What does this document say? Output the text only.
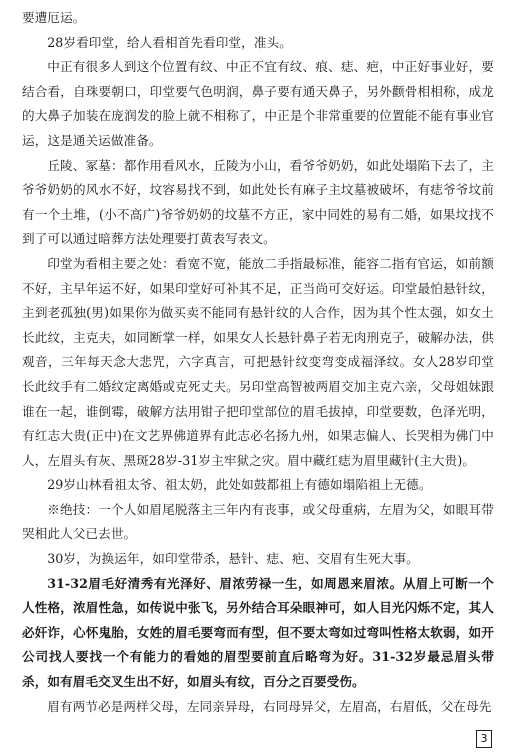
要遭厄运。

28岁看印堂，给人看相首先看印堂，准头。

中正有很多人到这个位置有纹、中正不宜有纹、痕、痣、疤，中正好事业好，要结合看，自珠要朝口，印堂要气色明润，鼻子要有通天鼻子，另外颧骨相相称，成龙的大鼻子加装在庞润发的脸上就不相称了，中正是个非常重要的位置能不能有事业官运，这是通关运做准备。

丘陵、冢墓：都作用看风水，丘陵为小山，看爷爷奶奶，如此处塌陷下去了，主爷爷奶奶的风水不好，坟容易找不到，如此处长有麻子主坟墓被破坏，有痣爷爷坟前有一个土堆，(小不高广)爷爷奶奶的坟墓不方正，家中同姓的易有二婚，如果坟找不到了可以通过暗葬方法处理要打黄表写表文。

印堂为看相主要之处：看宽不宽，能放二手指最标准，能容二指有官运，如前额不好，主早年运不好，如果印堂好可补其不足，正当尚可交好运。印堂最怕悬针纹，主到老孤独(男)如果你为做买卖不能同有悬针纹的人合作，因为其个性太强，如女土长此纹，主克夫，如同断掌一样，如果女人长悬针鼻子若无肉刑克子，破解办法，供观音，三年每天念大悲咒，六字真言，可把悬针纹变弯变成福泽纹。女人28岁印堂长此纹手有二婚纹定离婚或克死丈夫。另印堂高智被两眉交加主克六亲，父母姐妹跟谁在一起，谁倒霉，破解方法用钳子把印堂部位的眉毛拔掉，印堂要数，色泽光明，有红志大贵(正中)在文艺界佛道界有此志必名扬九州，如果志偏人、长哭相为佛门中人，左眉头有灰、黑斑28岁-31岁主牢狱之灾。眉中藏红痣为眉里藏针(主大贵)。

29岁山林看祖太爷、祖太奶，此处如鼓都祖上有德如塌陷祖上无德。

※绝技：一个人如眉尾脱落主三年内有丧事，或父母重病，左眉为父，如眼耳带哭相此人父已去世。

30岁，为换运年，如印堂带杀，悬针、痣、疤、交眉有生死大事。

31-32眉毛好清秀有光泽好、眉浓劳禄一生，如周恩来眉浓。从眉上可断一个人性格，浓眉性急，如传说中张飞，另外结合耳朵眼神可，如人目光闪烁不定，其人必奸诈，心怀鬼胎，女姓的眉毛要弯而有型，但不要太弯如过弯叫性格太软弱，如开公司找人要找一个有能力的看她的眉型要前直后略弯为好。31-32岁最忌眉头带杀，如有眉毛交叉生出不好，如眉头有纹，百分之百要受伤。

眉有两节必是两样父母，左同亲异母，右同母异父，左眉高，右眉低，父在母先

3
